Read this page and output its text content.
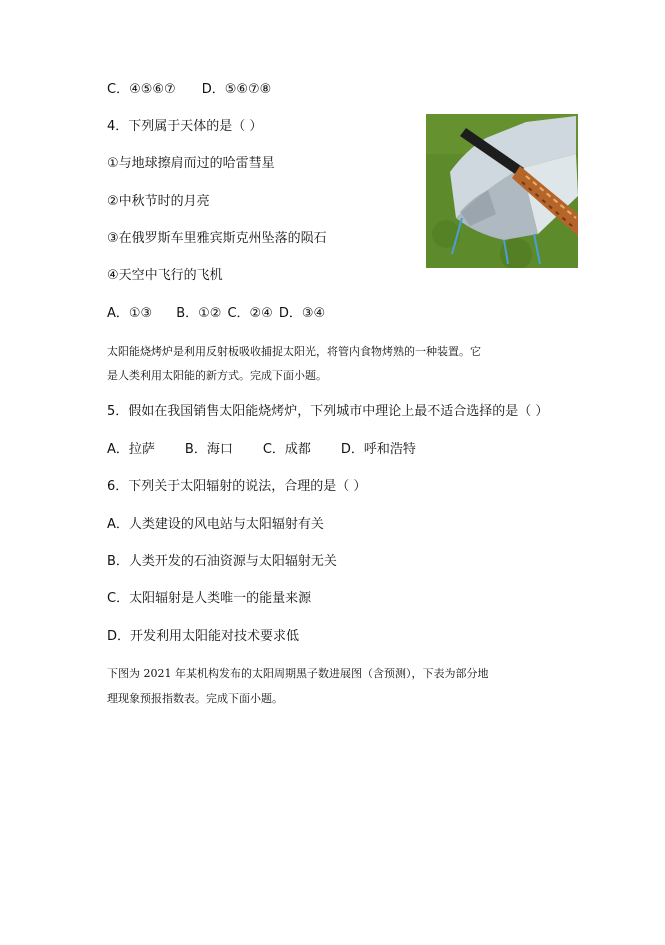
C．④⑤⑥⑦ D．⑤⑥⑦⑧
4．下列属于天体的是（ ）
①与地球擦肩而过的哈雷彗星
②中秋节时的月亮
③在俄罗斯车里雅宾斯克州坠落的陨石
④天空中飞行的飞机
A．①③ B．①② C．②④ D．③④
太阳能烧烤炉是利用反射板吸收捕捉太阳光，将管内食物烤熟的一种装置。它
是人类利用太阳能的新方式。完成下面小题。
5．假如在我国销售太阳能烧烤炉，下列城市中理论上最不适合选择的是（ ）
A．拉萨 B．海口 C．成都 D．呼和浩特
6．下列关于太阳辐射的说法，合理的是（ ）
A．人类建设的风电站与太阳辐射有关
B．人类开发的石油资源与太阳辐射无关
C．太阳辐射是人类唯一的能量来源
D．开发利用太阳能对技术要求低
下图为 2021 年某机构发布的太阳周期黑子数进展图（含预测），下表为部分地
理现象预报指数表。完成下面小题。
